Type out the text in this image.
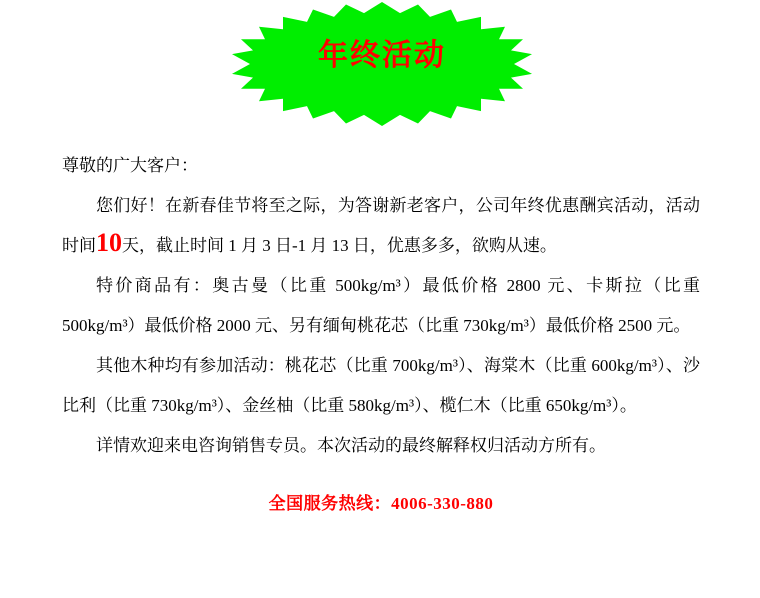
年终活动

尊敬的广大客户：

您们好！在新春佳节将至之际，为答谢新老客户，公司年终优惠酬宾活动，活动时间10天，截止时间 1 月 3 日-1 月 13 日，优惠多多，欲购从速。

特价商品有：奥古曼（比重 500kg/m³）最低价格 2800 元、卡斯拉（比重 500kg/m³）最低价格 2000 元、另有缅甸桃花芯（比重 730kg/m³）最低价格 2500 元。

其他木种均有参加活动：桃花芯（比重 700kg/m³）、海棠木（比重 600kg/m³）、沙比利（比重 730kg/m³）、金丝柚（比重 580kg/m³）、榄仁木（比重 650kg/m³）。

详情欢迎来电咨询销售专员。本次活动的最终解释权归活动方所有。

全国服务热线：4006-330-880
